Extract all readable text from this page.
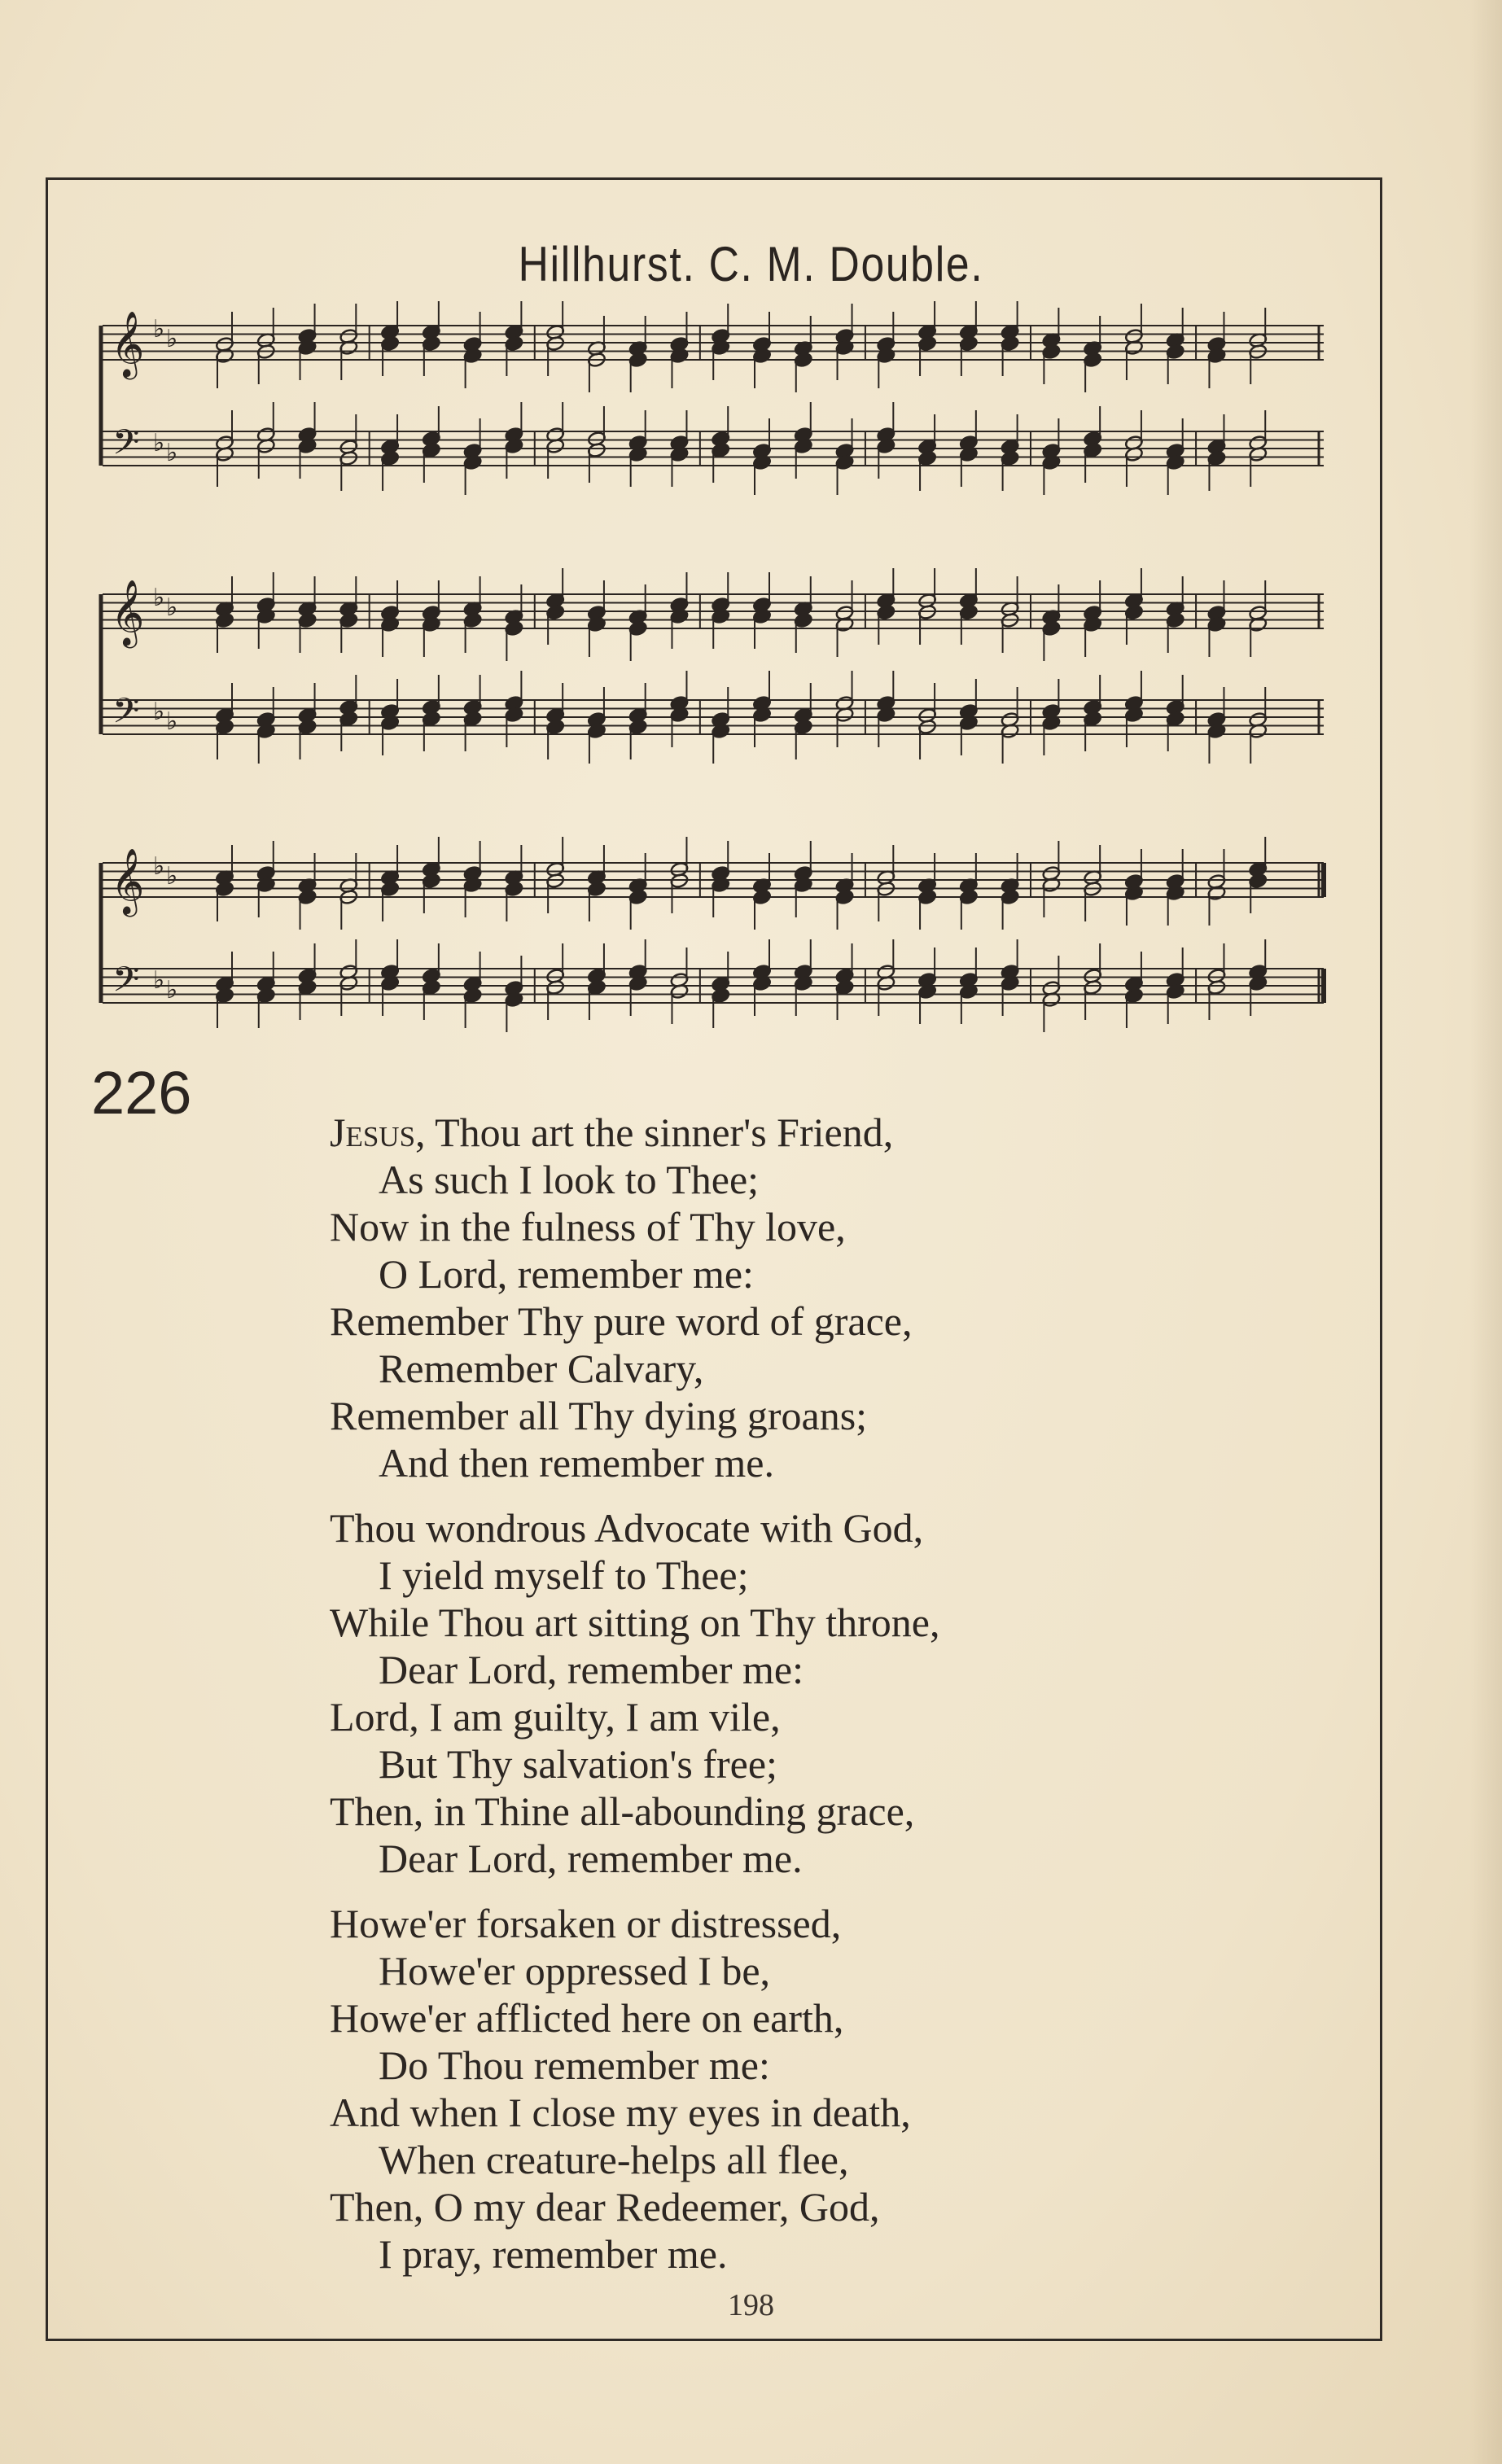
Hillhurst. C. M. Double.
𝄞
𝄢
♭ ♭
♭ ♭
𝄞
𝄢
♭ ♭
♭ ♭
𝄞
𝄢
♭ ♭
♭ ♭
226
Jesus, Thou art the sinner's Friend,
As such I look to Thee;
Now in the fulness of Thy love,
O Lord, remember me:
Remember Thy pure word of grace,
Remember Calvary,
Remember all Thy dying groans;
And then remember me.
Thou wondrous Advocate with God,
I yield myself to Thee;
While Thou art sitting on Thy throne,
Dear Lord, remember me:
Lord, I am guilty, I am vile,
But Thy salvation's free;
Then, in Thine all-abounding grace,
Dear Lord, remember me.
Howe'er forsaken or distressed,
Howe'er oppressed I be,
Howe'er afflicted here on earth,
Do Thou remember me:
And when I close my eyes in death,
When creature-helps all flee,
Then, O my dear Redeemer, God,
I pray, remember me.
198
